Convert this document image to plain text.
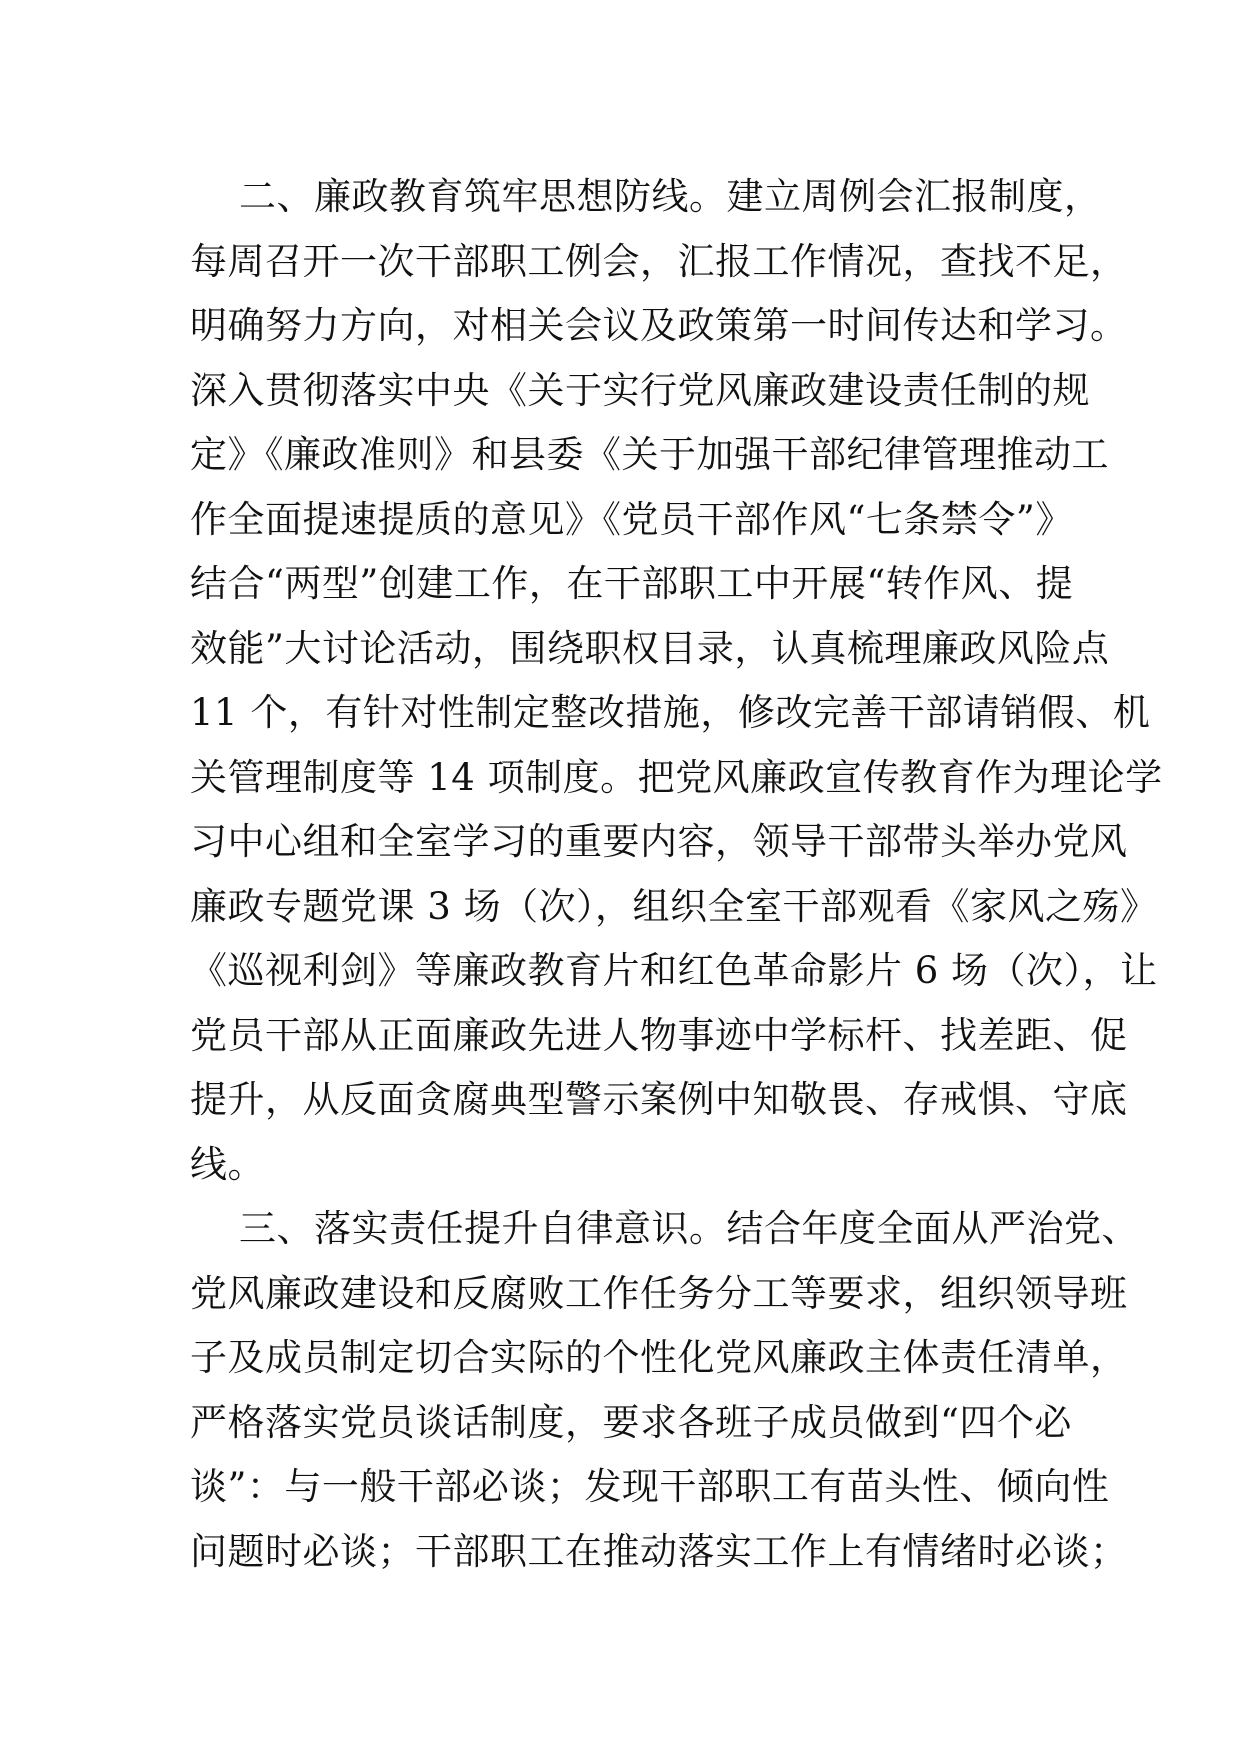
二、廉政教育筑牢思想防线。建立周例会汇报制度，
每周召开一次干部职工例会，汇报工作情况，查找不足，
明确努力方向，对相关会议及政策第一时间传达和学习。
深入贯彻落实中央《关于实行党风廉政建设责任制的规
定》《廉政准则》和县委《关于加强干部纪律管理推动工
作全面提速提质的意见》《党员干部作风“七条禁令”》
结合“两型”创建工作，在干部职工中开展“转作风、提
效能”大讨论活动，围绕职权目录，认真梳理廉政风险点
11 个，有针对性制定整改措施，修改完善干部请销假、机
关管理制度等 14 项制度。把党风廉政宣传教育作为理论学
习中心组和全室学习的重要内容，领导干部带头举办党风
廉政专题党课 3 场（次），组织全室干部观看《家风之殇》
《巡视利剑》等廉政教育片和红色革命影片 6 场（次），让
党员干部从正面廉政先进人物事迹中学标杆、找差距、促
提升，从反面贪腐典型警示案例中知敬畏、存戒惧、守底
线。
三、落实责任提升自律意识。结合年度全面从严治党、
党风廉政建设和反腐败工作任务分工等要求，组织领导班
子及成员制定切合实际的个性化党风廉政主体责任清单，
严格落实党员谈话制度，要求各班子成员做到“四个必
谈”：与一般干部必谈；发现干部职工有苗头性、倾向性
问题时必谈；干部职工在推动落实工作上有情绪时必谈；
